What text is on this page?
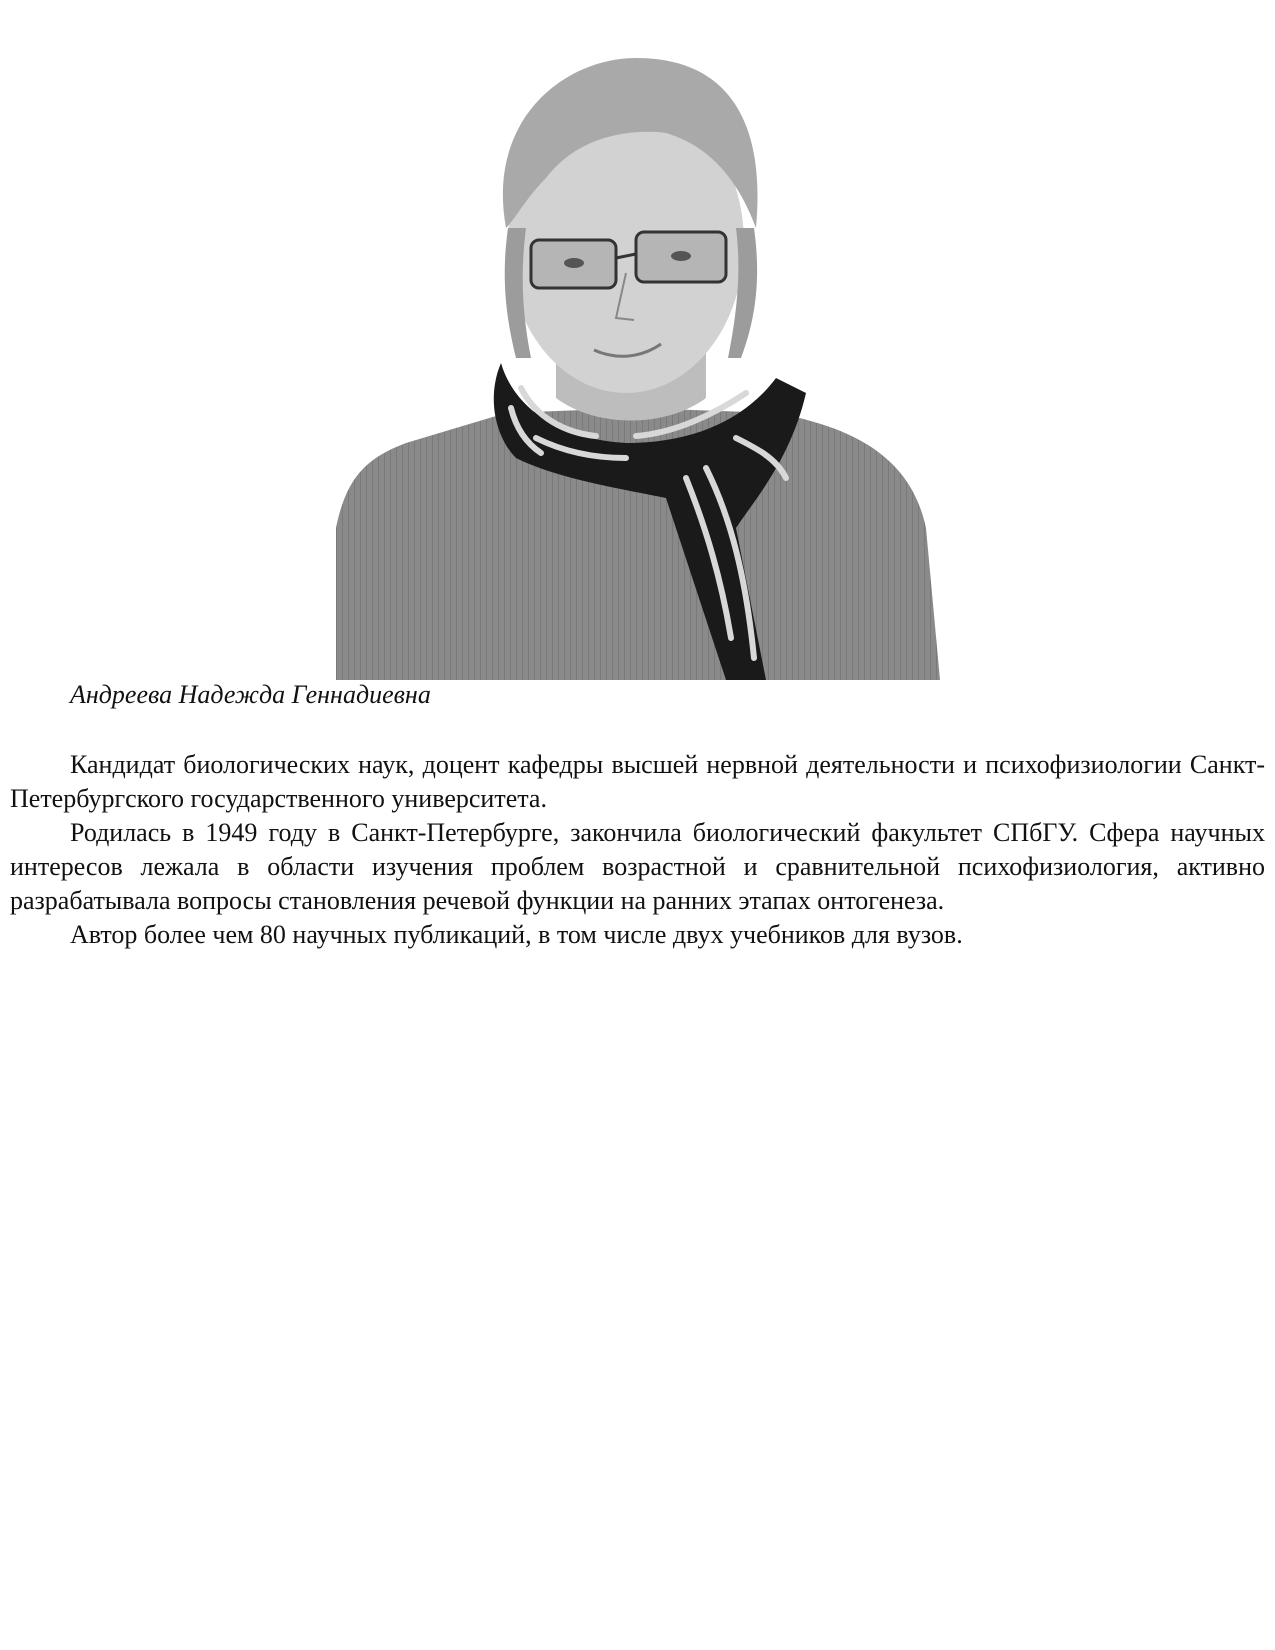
Андреева Надежда Геннадиевна

Кандидат биологических наук, доцент кафедры высшей нервной деятельности и психофизиологии Санкт-Петербургского государственного университета.

Родилась в 1949 году в Санкт-Петербурге, закончила биологический факультет СПбГУ. Сфера научных интересов лежала в области изучения проблем возрастной и сравнительной психофизиология, активно разрабатывала вопросы становления речевой функции на ранних этапах онтогенеза.

Автор более чем 80 научных публикаций, в том числе двух учебников для вузов.
